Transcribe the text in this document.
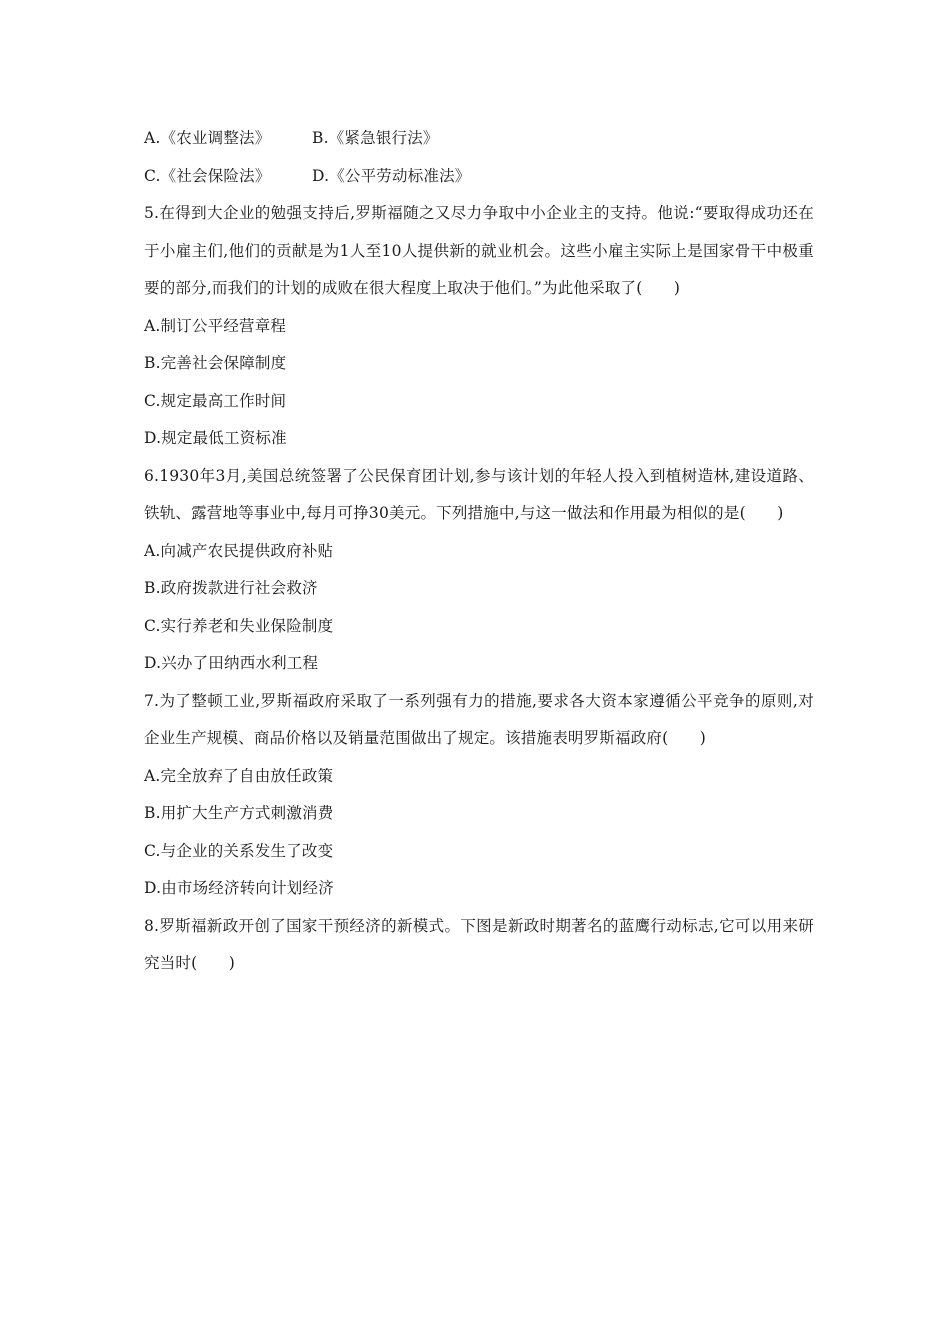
A.《农业调整法》	B.《紧急银行法》
C.《社会保险法》	D.《公平劳动标准法》
5.在得到大企业的勉强支持后,罗斯福随之又尽力争取中小企业主的支持。他说:“要取得成功还在于小雇主们,他们的贡献是为1人至10人提供新的就业机会。这些小雇主实际上是国家骨干中极重要的部分,而我们的计划的成败在很大程度上取决于他们。”为此他采取了(　　)
A.制订公平经营章程
B.完善社会保障制度
C.规定最高工作时间
D.规定最低工资标准
6.1930年3月,美国总统签署了公民保育团计划,参与该计划的年轻人投入到植树造林,建设道路、铁轨、露营地等事业中,每月可挣30美元。下列措施中,与这一做法和作用最为相似的是(　　)
A.向减产农民提供政府补贴
B.政府拨款进行社会救济
C.实行养老和失业保险制度
D.兴办了田纳西水利工程
7.为了整顿工业,罗斯福政府采取了一系列强有力的措施,要求各大资本家遵循公平竞争的原则,对企业生产规模、商品价格以及销量范围做出了规定。该措施表明罗斯福政府(　　)
A.完全放弃了自由放任政策
B.用扩大生产方式刺激消费
C.与企业的关系发生了改变
D.由市场经济转向计划经济
8.罗斯福新政开创了国家干预经济的新模式。下图是新政时期著名的蓝鹰行动标志,它可以用来研究当时(　　)
